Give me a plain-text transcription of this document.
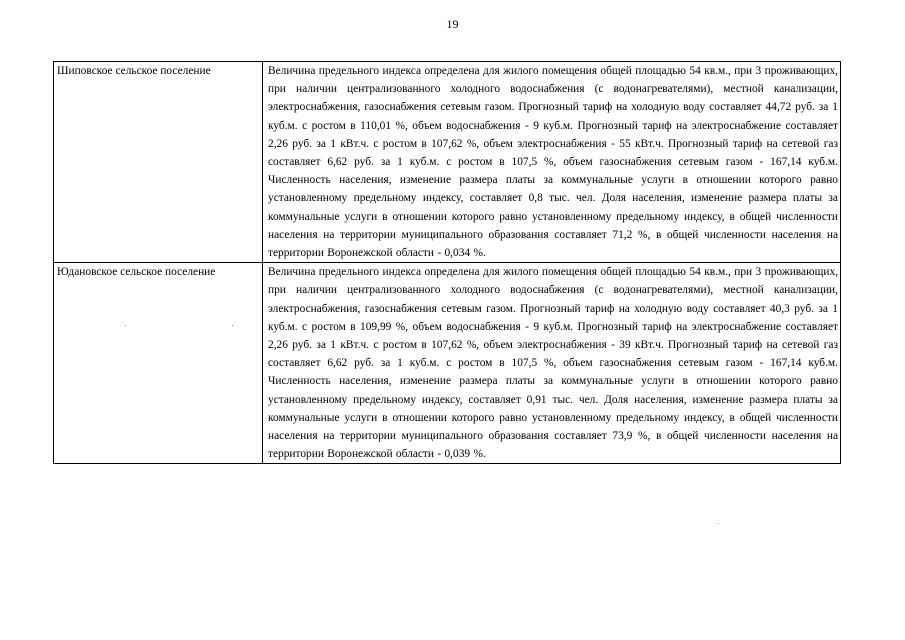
19
Шиповское сельское поселение	Величина предельного индекса определена для жилого помещения общей площадью 54 кв.м., при 3 проживающих, при наличии централизованного холодного водоснабжения (с водонагревателями), местной канализации, электроснабжения, газоснабжения сетевым газом. Прогнозный тариф на холодную воду составляет 44,72 руб. за 1 куб.м. с ростом в 110,01 %, объем водоснабжения - 9 куб.м. Прогнозный тариф на электроснабжение составляет 2,26 руб. за 1 кВт.ч. с ростом в 107,62 %, объем электроснабжения - 55 кВт.ч. Прогнозный тариф на сетевой газ составляет 6,62 руб. за 1 куб.м. с ростом в 107,5 %, объем газоснабжения сетевым газом - 167,14 куб.м. Численность населения, изменение размера платы за коммунальные услуги в отношении которого равно установленному предельному индексу, составляет 0,8 тыс. чел. Доля населения, изменение размера платы за коммунальные услуги в отношении которого равно установленному предельному индексу, в общей численности населения на территории муниципального образования составляет 71,2 %, в общей численности населения на территории Воронежской области - 0,034 %.

Юдановское сельское поселение	Величина предельного индекса определена для жилого помещения общей площадью 54 кв.м., при 3 проживающих, при наличии централизованного холодного водоснабжения (с водонагревателями), местной канализации, электроснабжения, газоснабжения сетевым газом. Прогнозный тариф на холодную воду составляет 40,3 руб. за 1 куб.м. с ростом в 109,99 %, объем водоснабжения - 9 куб.м. Прогнозный тариф на электроснабжение составляет 2,26 руб. за 1 кВт.ч. с ростом в 107,62 %, объем электроснабжения - 39 кВт.ч. Прогнозный тариф на сетевой газ составляет 6,62 руб. за 1 куб.м. с ростом в 107,5 %, объем газоснабжения сетевым газом - 167,14 куб.м. Численность населения, изменение размера платы за коммунальные услуги в отношении которого равно установленному предельному индексу, составляет 0,91 тыс. чел. Доля населения, изменение размера платы за коммунальные услуги в отношении которого равно установленному предельному индексу, в общей численности населения на территории муниципального образования составляет 73,9 %, в общей численности населения на территории Воронежской области - 0,039 %.
